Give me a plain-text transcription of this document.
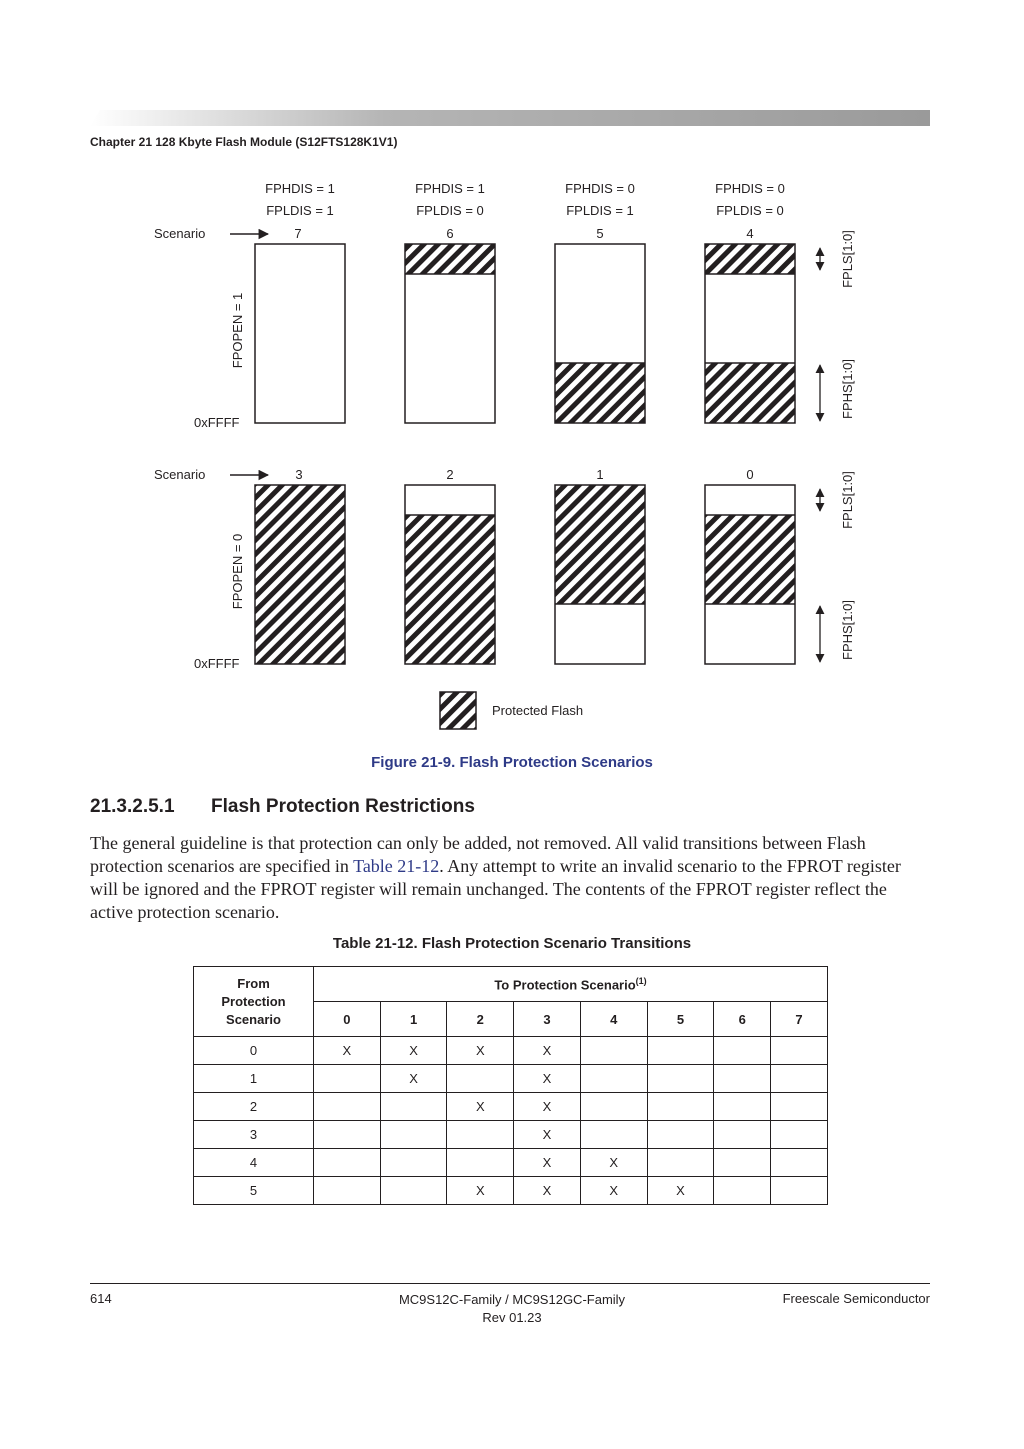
Chapter 21 128 Kbyte Flash Module (S12FTS128K1V1)
FPHDIS = 1
FPLDIS = 1
FPHDIS = 1
FPLDIS = 0
FPHDIS = 0
FPLDIS = 1
FPHDIS = 0
FPLDIS = 0
Scenario
FPOPEN = 1
0xFFFF
7	6	5	4	FPLS[1:0]
FPHS[1:0]
Scenario
FPOPEN = 0
0xFFFF
3	2	1	0	FPLS[1:0]
FPHS[1:0]
Protected Flash
Figure 21-9. Flash Protection Scenarios
21.3.2.5.1 Flash Protection Restrictions

The general guideline is that protection can only be added, not removed. All valid transitions between Flash protection scenarios are specified in Table 21-12. Any attempt to write an invalid scenario to the FPROT register will be ignored and the FPROT register will remain unchanged. The contents of the FPROT register reflect the active protection scenario.

Table 21-12. Flash Protection Scenario Transitions
From
Protection
Scenario	To Protection Scenario$^{(1)}$
	0	1	2	3	4	5	6	7
0	X	X	X	X				
1		X		X				
2			X	X				
3				X				
4				X	X			
5			X	X	X	X		
614	MC9S12C-Family / MC9S12GC-Family
Rev 01.23
Freescale Semiconductor
